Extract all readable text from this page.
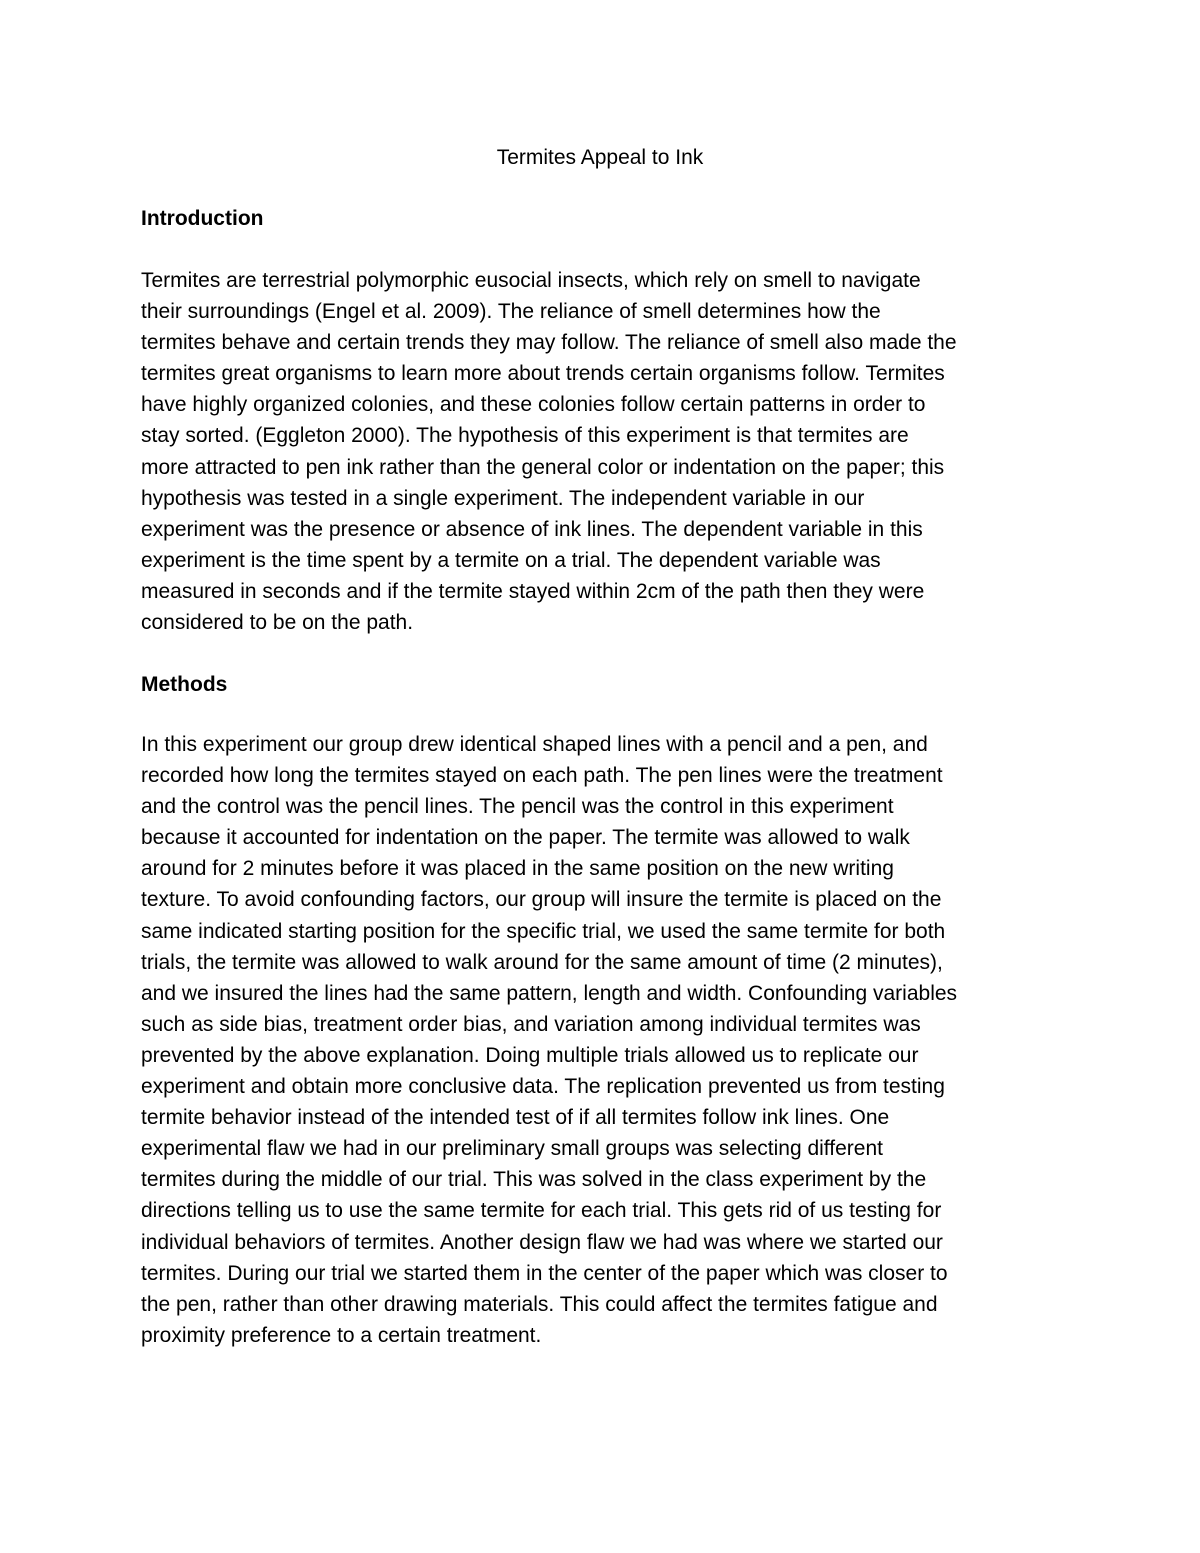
Termites Appeal to Ink
Introduction

Termites are terrestrial polymorphic eusocial insects, which rely on smell to navigate
their surroundings (Engel et al. 2009). The reliance of smell determines how the
termites behave and certain trends they may follow. The reliance of smell also made the
termites great organisms to learn more about trends certain organisms follow. Termites
have highly organized colonies, and these colonies follow certain patterns in order to
stay sorted. (Eggleton 2000). The hypothesis of this experiment is that termites are
more attracted to pen ink rather than the general color or indentation on the paper; this
hypothesis was tested in a single experiment. The independent variable in our
experiment was the presence or absence of ink lines. The dependent variable in this
experiment is the time spent by a termite on a trial. The dependent variable was
measured in seconds and if the termite stayed within 2cm of the path then they were
considered to be on the path.

Methods

In this experiment our group drew identical shaped lines with a pencil and a pen, and
recorded how long the termites stayed on each path. The pen lines were the treatment
and the control was the pencil lines. The pencil was the control in this experiment
because it accounted for indentation on the paper. The termite was allowed to walk
around for 2 minutes before it was placed in the same position on the new writing
texture. To avoid confounding factors, our group will insure the termite is placed on the
same indicated starting position for the specific trial, we used the same termite for both
trials, the termite was allowed to walk around for the same amount of time (2 minutes),
and we insured the lines had the same pattern, length and width. Confounding variables
such as side bias, treatment order bias, and variation among individual termites was
prevented by the above explanation. Doing multiple trials allowed us to replicate our
experiment and obtain more conclusive data. The replication prevented us from testing
termite behavior instead of the intended test of if all termites follow ink lines. One
experimental flaw we had in our preliminary small groups was selecting different
termites during the middle of our trial. This was solved in the class experiment by the
directions telling us to use the same termite for each trial. This gets rid of us testing for
individual behaviors of termites. Another design flaw we had was where we started our
termites. During our trial we started them in the center of the paper which was closer to
the pen, rather than other drawing materials. This could affect the termites fatigue and
proximity preference to a certain treatment.
